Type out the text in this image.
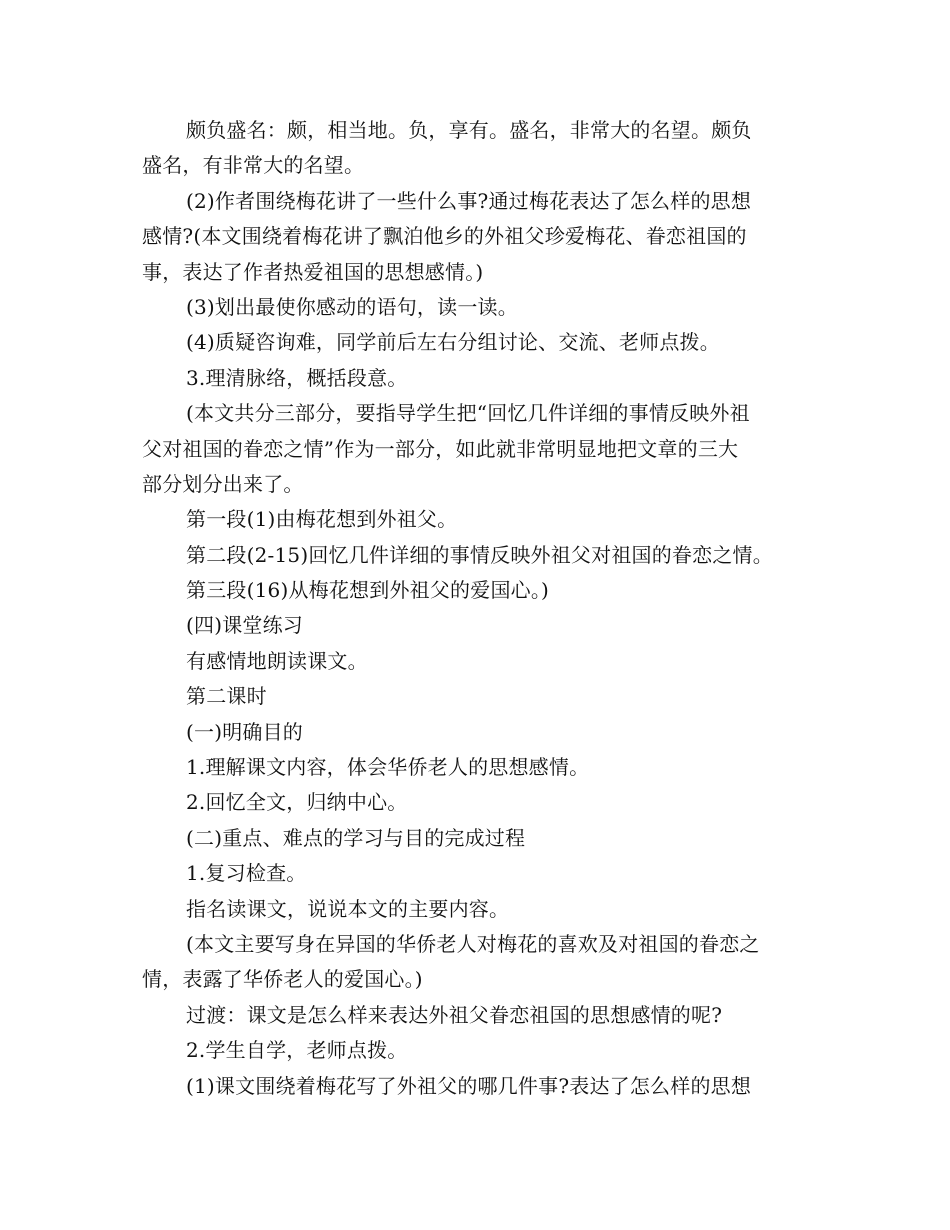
颇负盛名：颇，相当地。负，享有。盛名，非常大的名望。颇负
盛名，有非常大的名望。
(2)作者围绕梅花讲了一些什么事?通过梅花表达了怎么样的思想
感情?(本文围绕着梅花讲了飘泊他乡的外祖父珍爱梅花、眷恋祖国的
事，表达了作者热爱祖国的思想感情。)
(3)划出最使你感动的语句，读一读。
(4)质疑咨询难，同学前后左右分组讨论、交流、老师点拨。
3.理清脉络，概括段意。
(本文共分三部分，要指导学生把“回忆几件详细的事情反映外祖
父对祖国的眷恋之情”作为一部分，如此就非常明显地把文章的三大
部分划分出来了。
第一段(1)由梅花想到外祖父。
第二段(2-15)回忆几件详细的事情反映外祖父对祖国的眷恋之情。
第三段(16)从梅花想到外祖父的爱国心。)
(四)课堂练习
有感情地朗读课文。
第二课时
(一)明确目的
1.理解课文内容，体会华侨老人的思想感情。
2.回忆全文，归纳中心。
(二)重点、难点的学习与目的完成过程
1.复习检查。
指名读课文，说说本文的主要内容。
(本文主要写身在异国的华侨老人对梅花的喜欢及对祖国的眷恋之
情，表露了华侨老人的爱国心。)
过渡：课文是怎么样来表达外祖父眷恋祖国的思想感情的呢?
2.学生自学，老师点拨。
(1)课文围绕着梅花写了外祖父的哪几件事?表达了怎么样的思想
